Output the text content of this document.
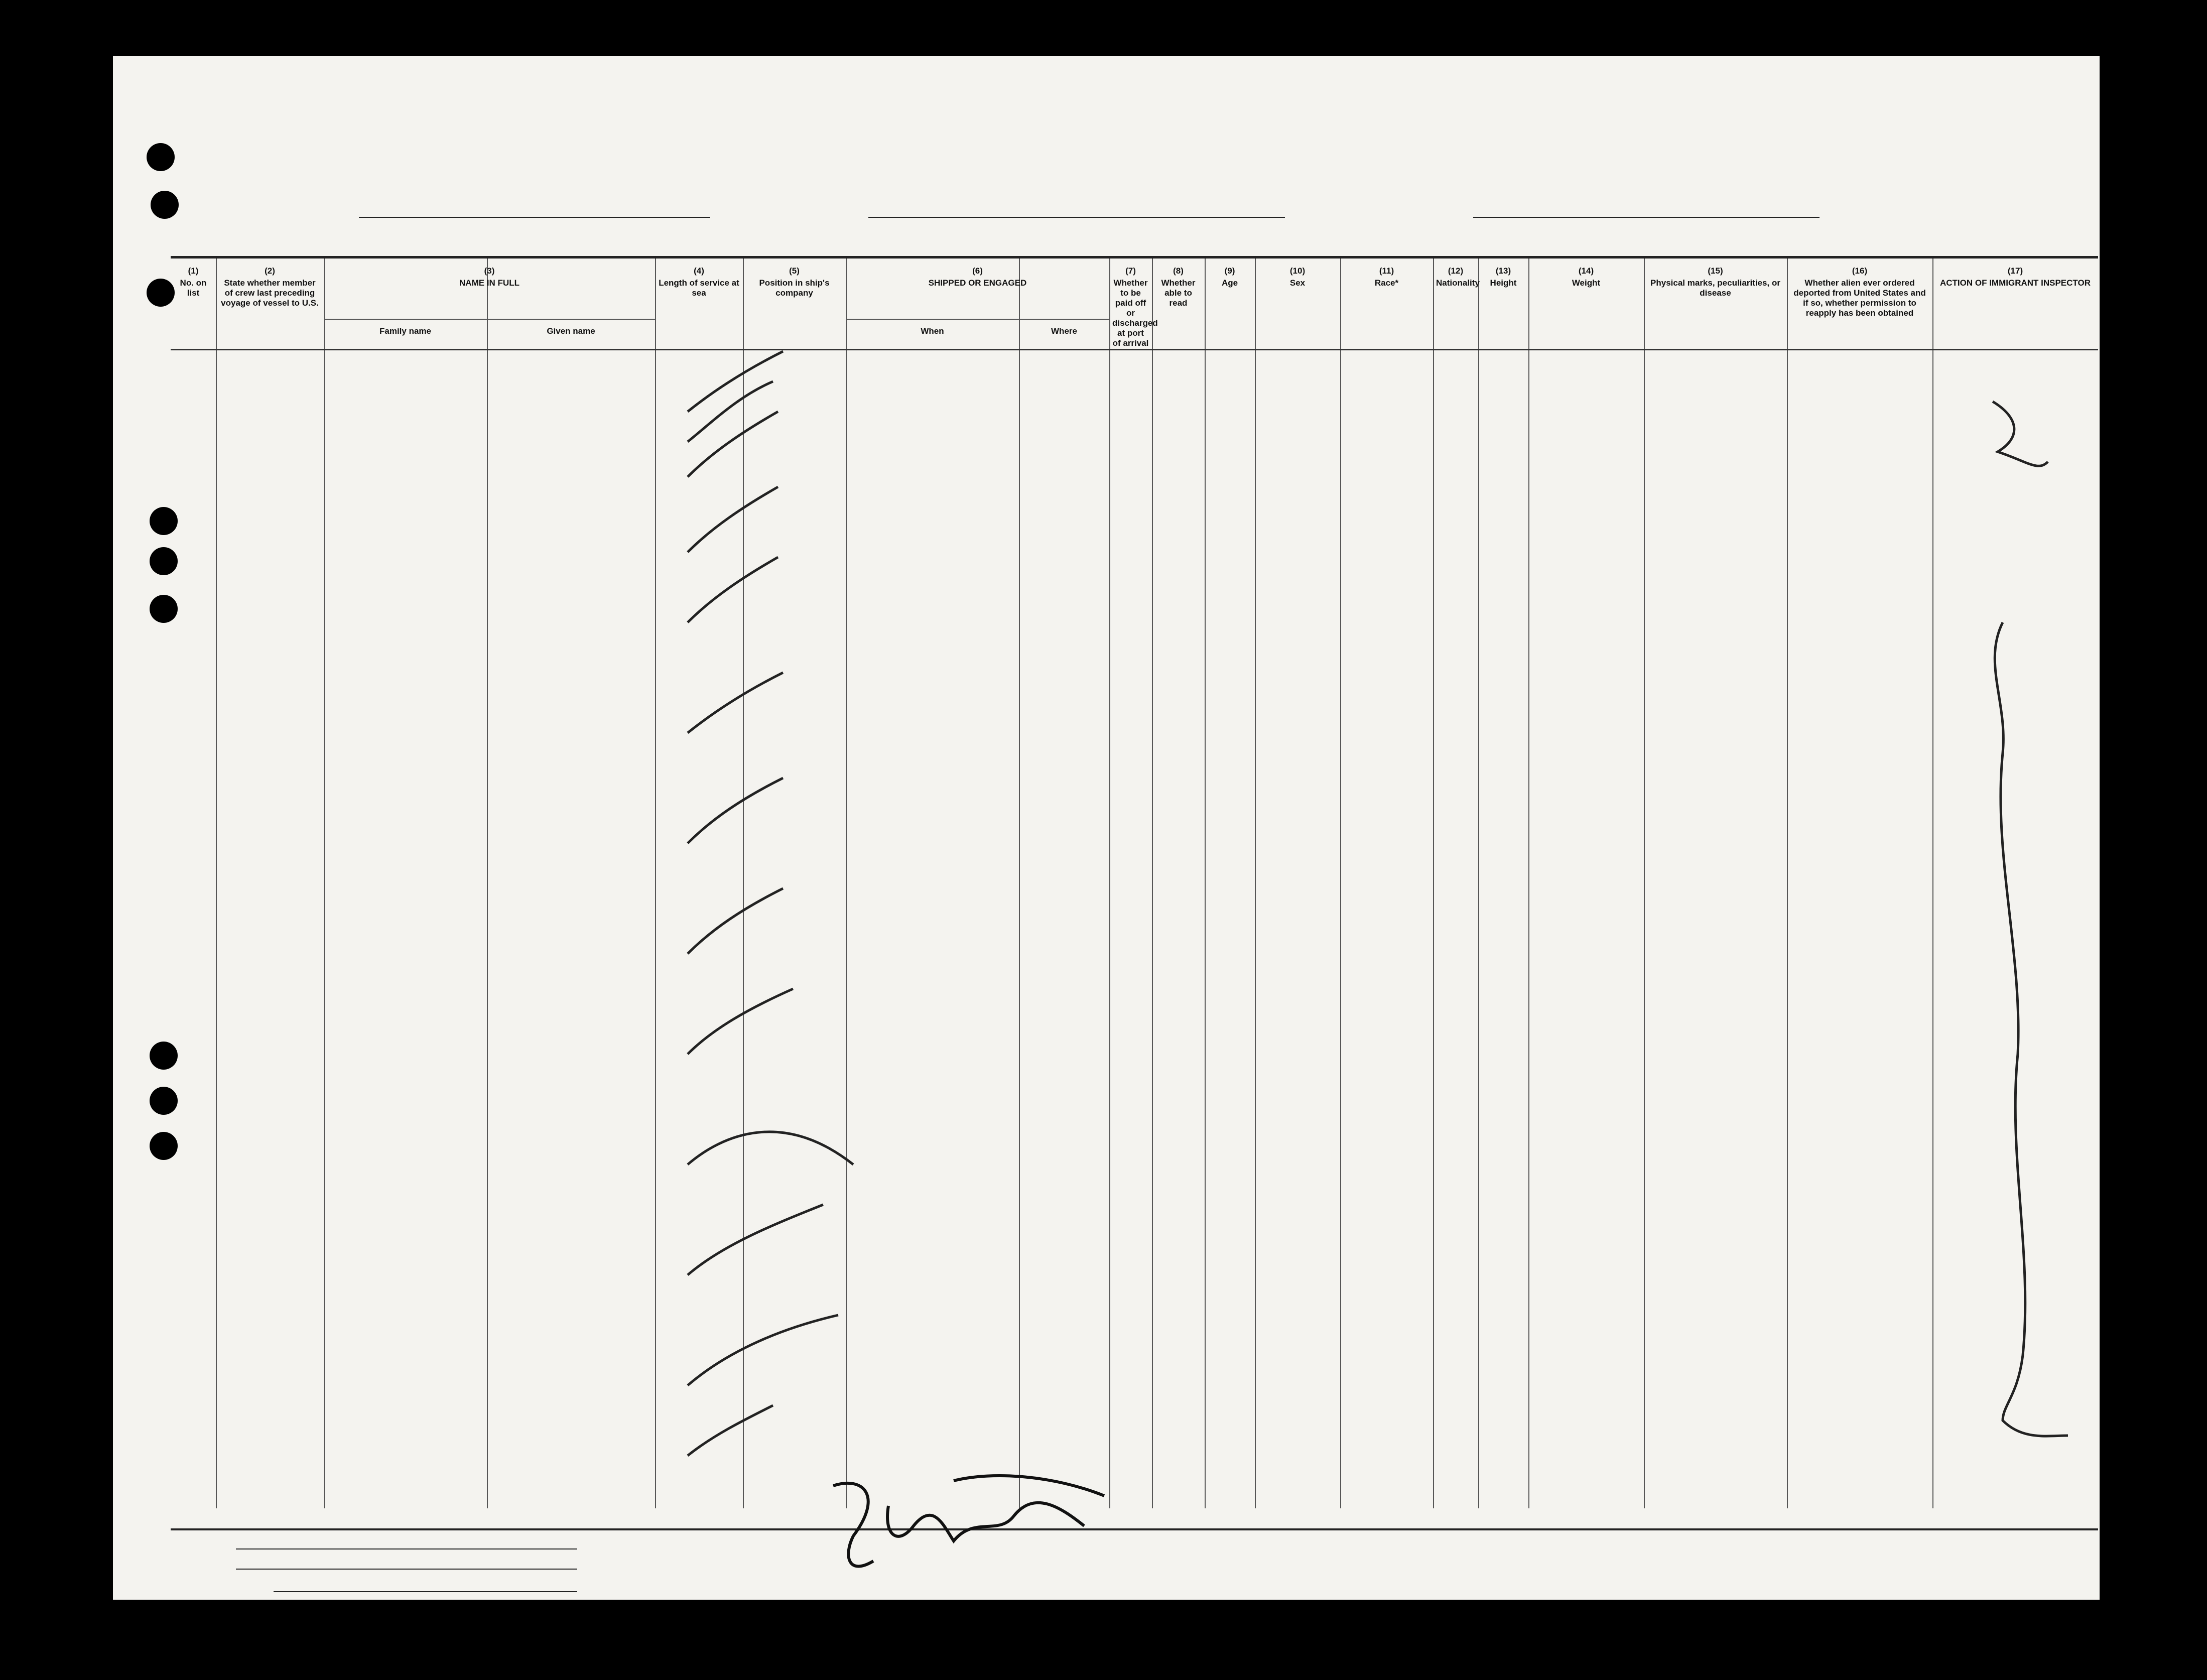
(1)
No. on list
(2)
State whether member of crew last preceding voyage of vessel to U.S.
(3)
NAME IN FULL
Family name	Given name
(4)
Length of service at sea
(5)
Position in ship's company
(6)
SHIPPED OR ENGAGED
When	Where
(7)
Whether to be paid off or discharged at port of arrival
(8)
Whether able to read
(9)
Age
(10)
Sex
(11)
Race*
(12)
Nationality
(13)
Height
(14)
Weight
(15)
Physical marks, peculiarities, or disease
(16)
Whether alien ever ordered deported from United States and if so, whether permission to reapply has been obtained
(17)
ACTION OF IMMIGRANT INSPECTOR
